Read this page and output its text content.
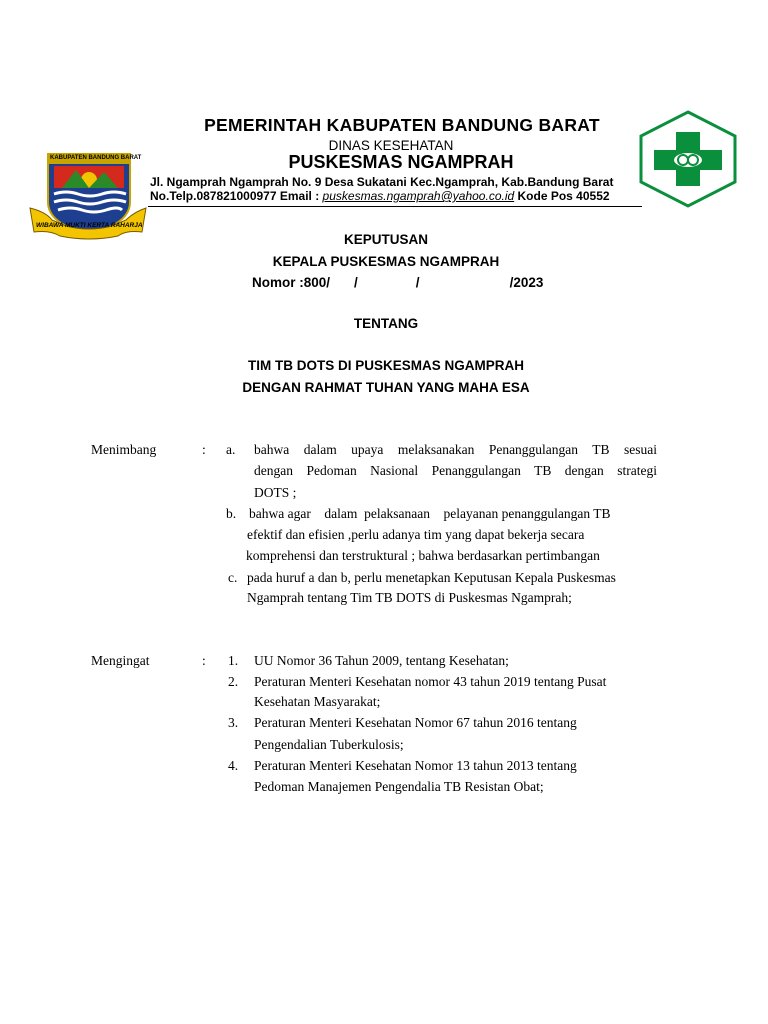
KABUPATEN BANDUNG BARAT
WIBAWA MUKTI KERTA RAHARJA
PEMERINTAH KABUPATEN BANDUNG BARAT
DINAS KESEHATAN
PUSKESMAS NGAMPRAH
Jl. Ngamprah Ngamprah No. 9 Desa Sukatani Kec.Ngamprah, Kab.Bandung Barat
No.Telp.087821000977 Email : puskesmas.ngamprah@yahoo.co.id Kode Pos 40552
KEPUTUSAN
KEPALA PUSKESMAS NGAMPRAH
Nomor :800/ /	/	/2023
TENTANG
TIM TB DOTS DI PUSKESMAS NGAMPRAH
DENGAN RAHMAT TUHAN YANG MAHA ESA
Menimbang	: a. bahwa dalam upaya melaksanakan Penanggulangan TB sesuai
dengan Pedoman Nasional Penanggulangan TB dengan strategi
DOTS ;
b. bahwa agar    dalam  pelaksanaan    pelayanan penanggulangan TB
efektif dan efisien ,perlu adanya tim yang dapat bekerja secara
komprehensi dan terstruktural ; bahwa berdasarkan pertimbangan
c. pada huruf a dan b, perlu menetapkan Keputusan Kepala Puskesmas
Ngamprah tentang Tim TB DOTS di Puskesmas Ngamprah;
Mengingat	: 1. UU Nomor 36 Tahun 2009, tentang Kesehatan;
2. Peraturan Menteri Kesehatan nomor 43 tahun 2019 tentang Pusat
Kesehatan Masyarakat;
3. Peraturan Menteri Kesehatan Nomor 67 tahun 2016 tentang
Pengendalian Tuberkulosis;
4. Peraturan Menteri Kesehatan Nomor 13 tahun 2013 tentang
Pedoman Manajemen Pengendalia TB Resistan Obat;
